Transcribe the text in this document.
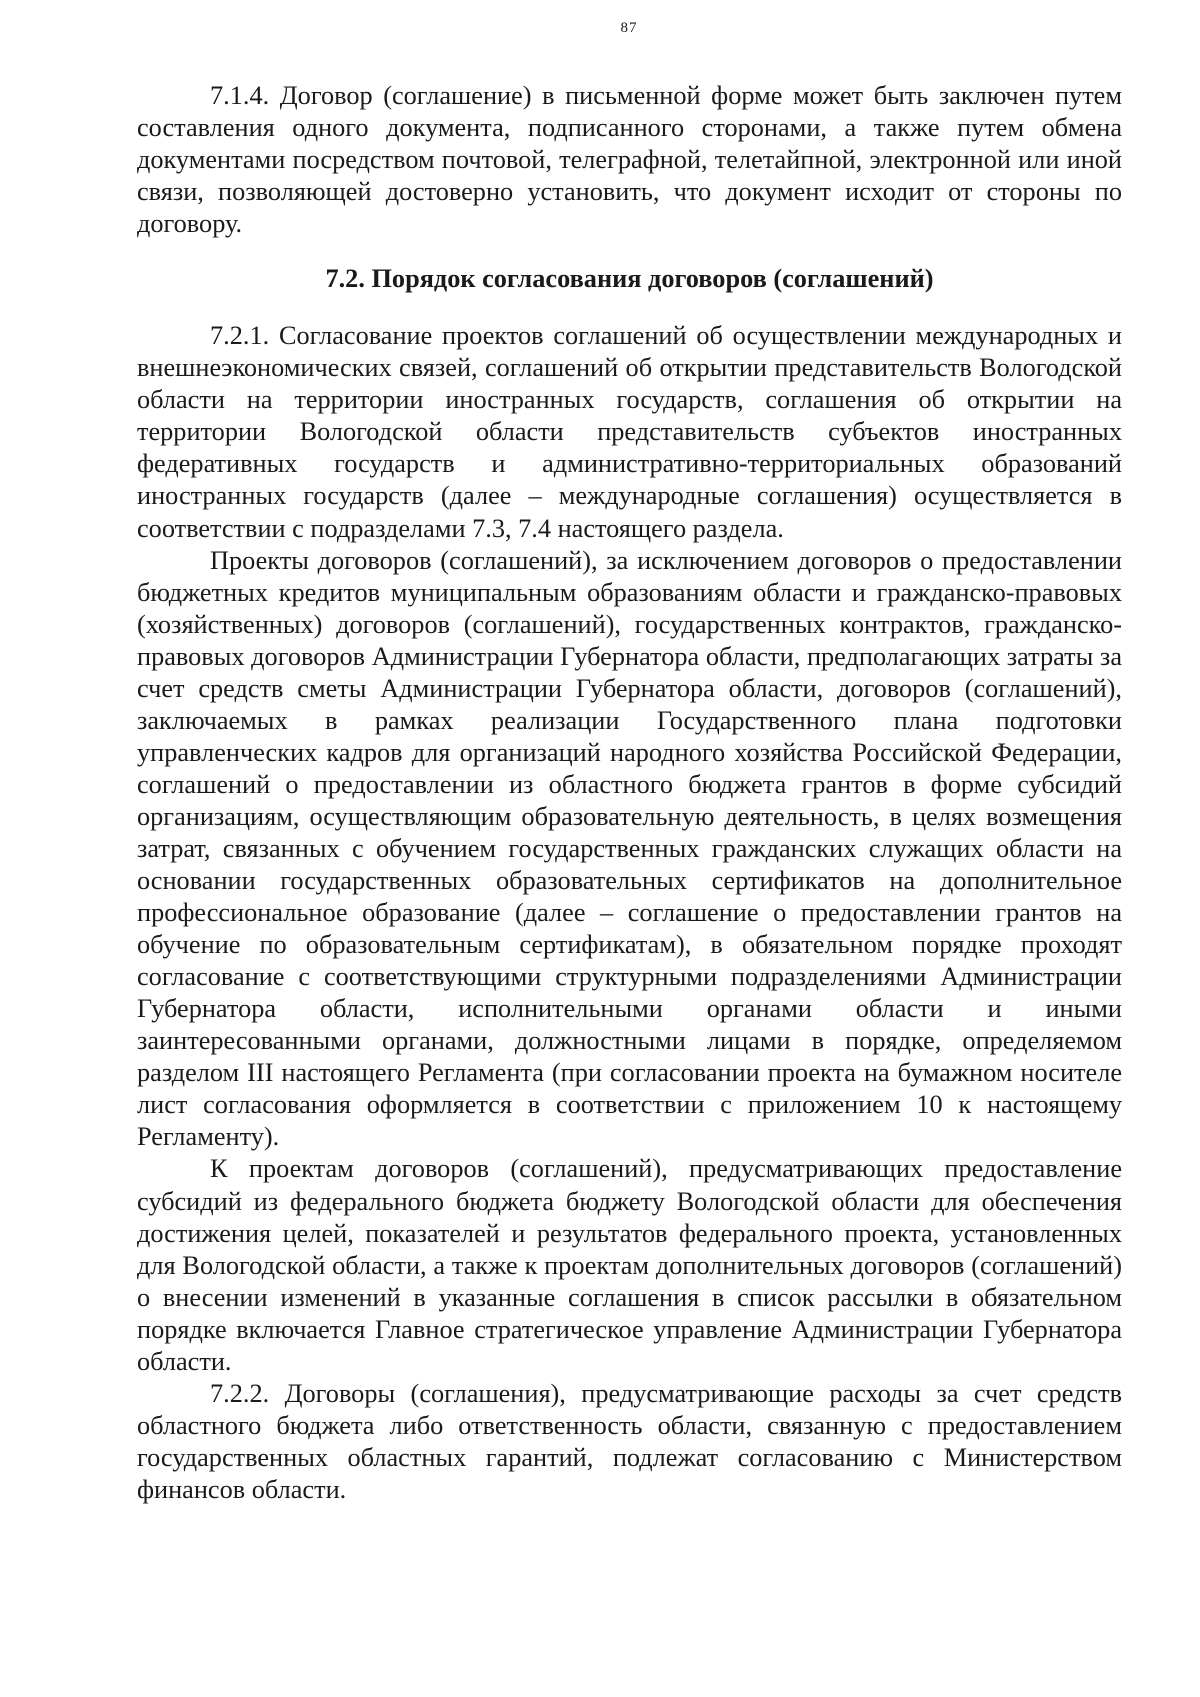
87

7.1.4. Договор (соглашение) в письменной форме может быть заключен путем составления одного документа, подписанного сторонами, а также путем обмена документами посредством почтовой, телеграфной, телетайпной, электронной или иной связи, позволяющей достоверно установить, что документ исходит от стороны по договору.

7.2. Порядок согласования договоров (соглашений)

7.2.1. Согласование проектов соглашений об осуществлении международных и внешнеэкономических связей, соглашений об открытии представительств Вологодской области на территории иностранных государств, соглашения об открытии на территории Вологодской области представительств субъектов иностранных федеративных государств и административно-территориальных образований иностранных государств (далее – международные соглашения) осуществляется в соответствии с подразделами 7.3, 7.4 настоящего раздела.

Проекты договоров (соглашений), за исключением договоров о предоставлении бюджетных кредитов муниципальным образованиям области и гражданско-правовых (хозяйственных) договоров (соглашений), государственных контрактов, гражданско-правовых договоров Администрации Губернатора области, предполагающих затраты за счет средств сметы Администрации Губернатора области, договоров (соглашений), заключаемых в рамках реализации Государственного плана подготовки управленческих кадров для организаций народного хозяйства Российской Федерации, соглашений о предоставлении из областного бюджета грантов в форме субсидий организациям, осуществляющим образовательную деятельность, в целях возмещения затрат, связанных с обучением государственных гражданских служащих области на основании государственных образовательных сертификатов на дополнительное профессиональное образование (далее – соглашение о предоставлении грантов на обучение по образовательным сертификатам), в обязательном порядке проходят согласование с соответствующими структурными подразделениями Администрации Губернатора области, исполнительными органами области и иными заинтересованными органами, должностными лицами в порядке, определяемом разделом III настоящего Регламента (при согласовании проекта на бумажном носителе лист согласования оформляется в соответствии с приложением 10 к настоящему Регламенту).

К проектам договоров (соглашений), предусматривающих предоставление субсидий из федерального бюджета бюджету Вологодской области для обеспечения достижения целей, показателей и результатов федерального проекта, установленных для Вологодской области, а также к проектам дополнительных договоров (соглашений) о внесении изменений в указанные соглашения в список рассылки в обязательном порядке включается Главное стратегическое управление Администрации Губернатора области.

7.2.2. Договоры (соглашения), предусматривающие расходы за счет средств областного бюджета либо ответственность области, связанную с предоставлением государственных областных гарантий, подлежат согласованию с Министерством финансов области.
